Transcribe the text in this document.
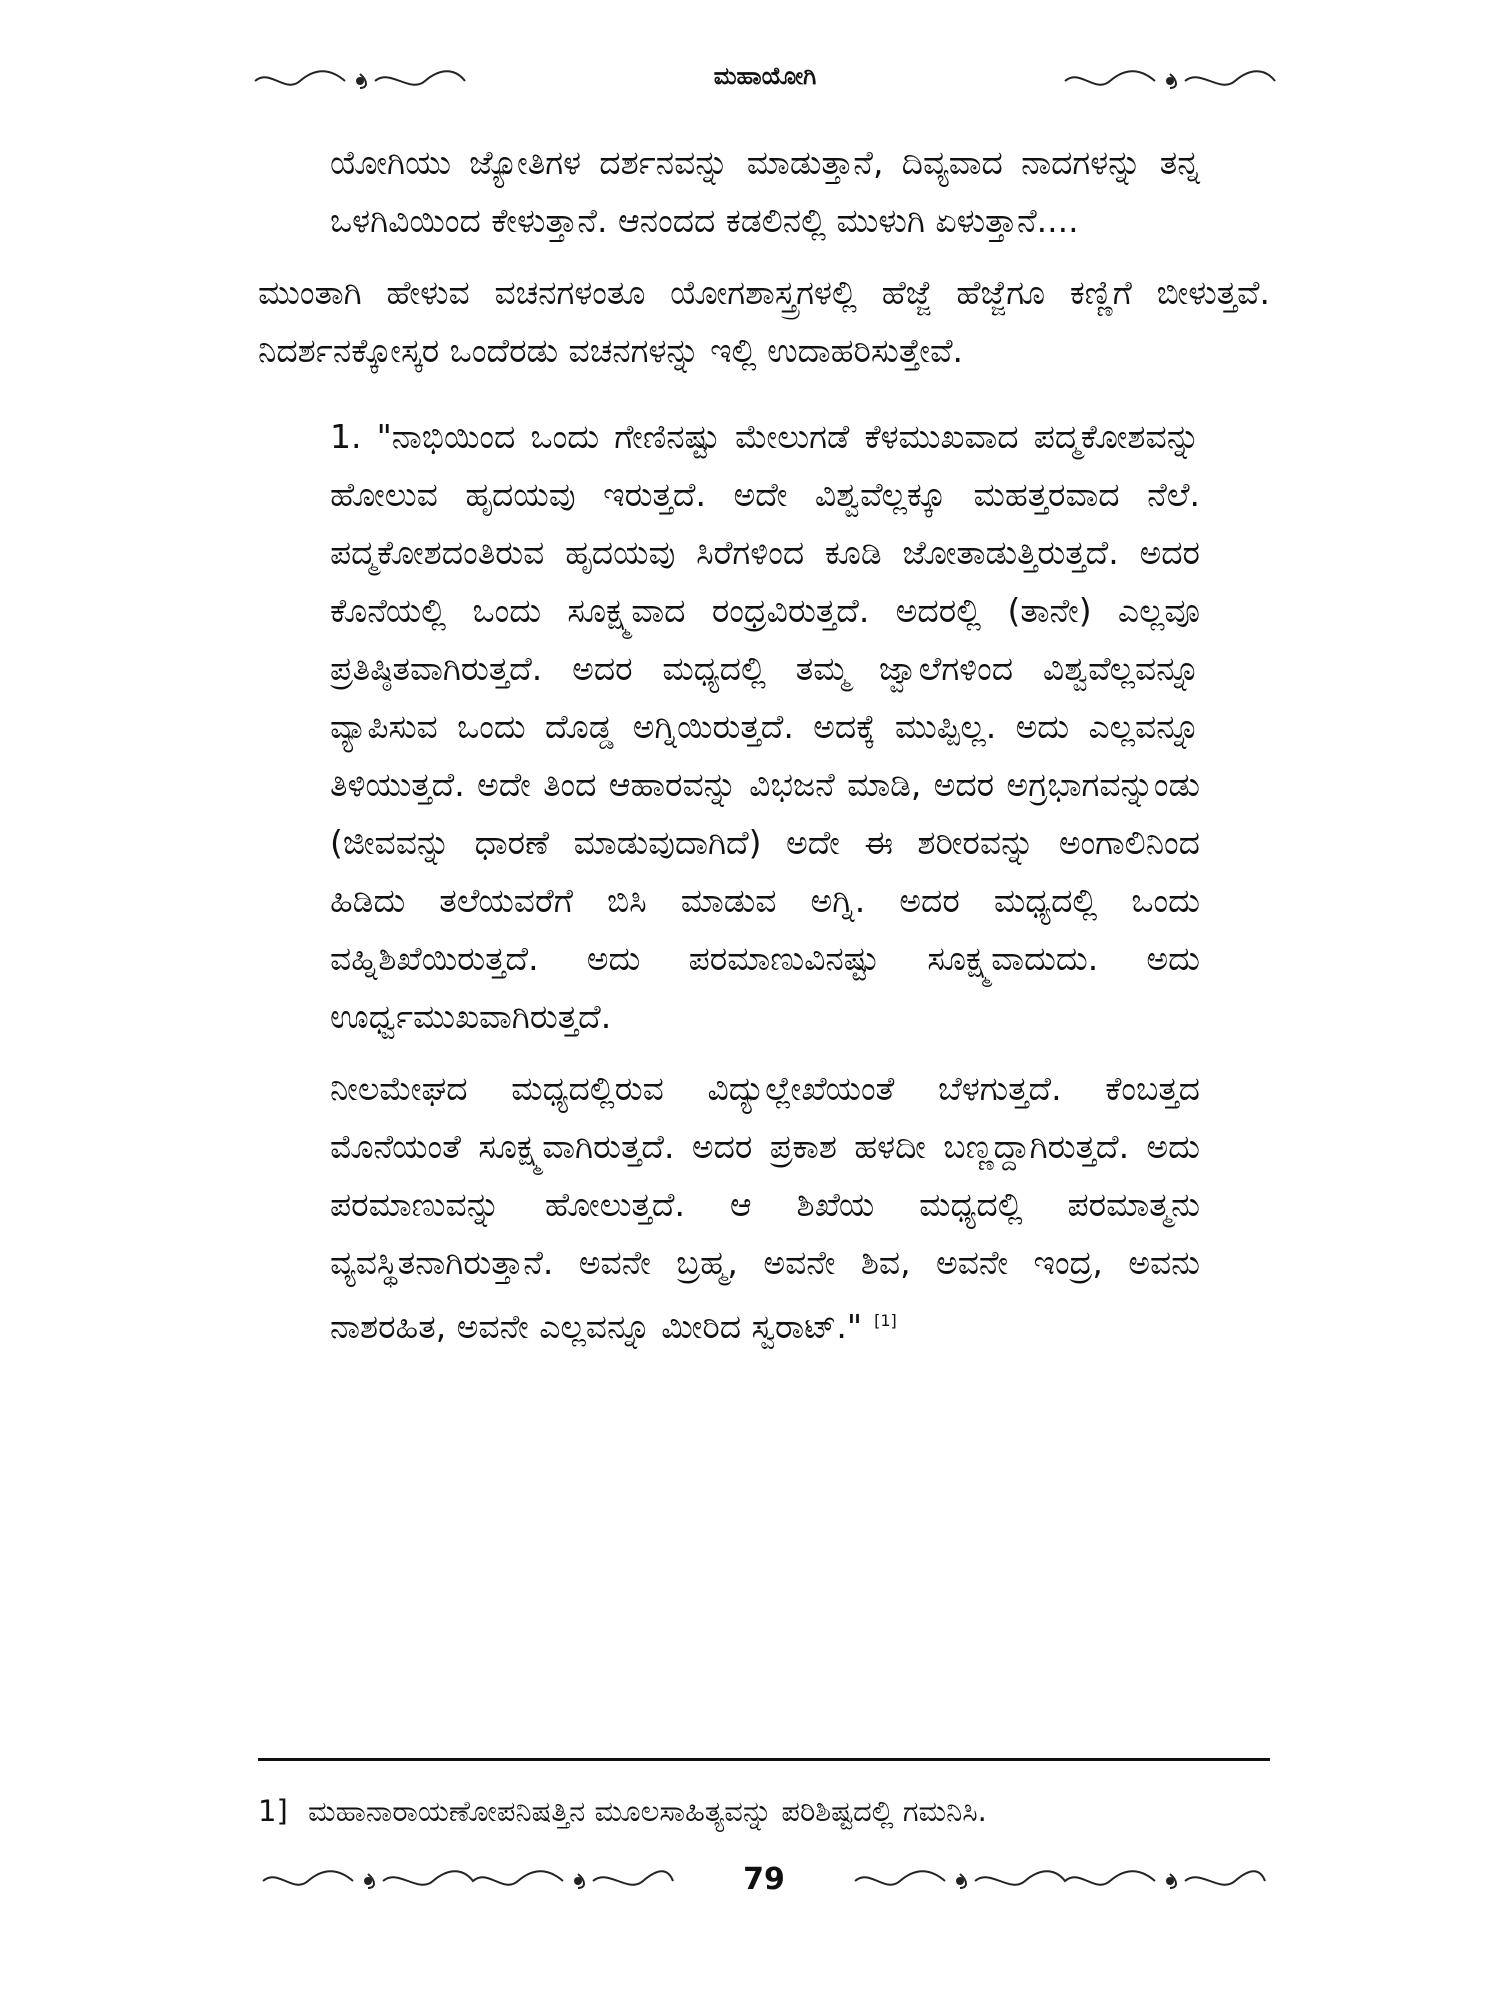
ಮಹಾಯೋಗಿ

ಯೋಗಿಯು ಜ್ಯೋತಿಗಳ ದರ್ಶನವನ್ನು ಮಾಡುತ್ತಾನೆ, ದಿವ್ಯವಾದ ನಾದಗಳನ್ನು ತನ್ನ ಒಳಗಿವಿಯಿಂದ ಕೇಳುತ್ತಾನೆ. ಆನಂದದ ಕಡಲಿನಲ್ಲಿ ಮುಳುಗಿ ಏಳುತ್ತಾನೆ....

ಮುಂತಾಗಿ ಹೇಳುವ ವಚನಗಳಂತೂ ಯೋಗಶಾಸ್ತ್ರಗಳಲ್ಲಿ ಹೆಜ್ಜೆ ಹೆಜ್ಜೆಗೂ ಕಣ್ಣಿಗೆ ಬೀಳುತ್ತವೆ. ನಿದರ್ಶನಕ್ಕೋಸ್ಕರ ಒಂದೆರಡು ವಚನಗಳನ್ನು ಇಲ್ಲಿ ಉದಾಹರಿಸುತ್ತೇವೆ.

1. "ನಾಭಿಯಿಂದ ಒಂದು ಗೇಣಿನಷ್ಟು ಮೇಲುಗಡೆ ಕೆಳಮುಖವಾದ ಪದ್ಮಕೋಶವನ್ನು ಹೋಲುವ ಹೃದಯವು ಇರುತ್ತದೆ. ಅದೇ ವಿಶ್ವವೆಲ್ಲಕ್ಕೂ ಮಹತ್ತರವಾದ ನೆಲೆ. ಪದ್ಮಕೋಶದಂತಿರುವ ಹೃದಯವು ಸಿರೆಗಳಿಂದ ಕೂಡಿ ಜೋತಾಡುತ್ತಿರುತ್ತದೆ. ಅದರ ಕೊನೆಯಲ್ಲಿ ಒಂದು ಸೂಕ್ಷ್ಮವಾದ ರಂಧ್ರವಿರುತ್ತದೆ. ಅದರಲ್ಲಿ (ತಾನೇ) ಎಲ್ಲವೂ ಪ್ರತಿಷ್ಠಿತವಾಗಿರುತ್ತದೆ. ಅದರ ಮಧ್ಯದಲ್ಲಿ ತಮ್ಮ ಜ್ವಾಲೆಗಳಿಂದ ವಿಶ್ವವೆಲ್ಲವನ್ನೂ ವ್ಯಾಪಿಸುವ ಒಂದು ದೊಡ್ಡ ಅಗ್ನಿಯಿರುತ್ತದೆ. ಅದಕ್ಕೆ ಮುಪ್ಪಿಲ್ಲ. ಅದು ಎಲ್ಲವನ್ನೂ ತಿಳಿಯುತ್ತದೆ. ಅದೇ ತಿಂದ ಆಹಾರವನ್ನು ವಿಭಜನೆ ಮಾಡಿ, ಅದರ ಅಗ್ರಭಾಗವನ್ನುಂಡು (ಜೀವವನ್ನು ಧಾರಣೆ ಮಾಡುವುದಾಗಿದೆ) ಅದೇ ಈ ಶರೀರವನ್ನು ಅಂಗಾಲಿನಿಂದ ಹಿಡಿದು ತಲೆಯವರೆಗೆ ಬಿಸಿ ಮಾಡುವ ಅಗ್ನಿ. ಅದರ ಮಧ್ಯದಲ್ಲಿ ಒಂದು ವಹ್ನಿಶಿಖೆಯಿರುತ್ತದೆ. ಅದು ಪರಮಾಣುವಿನಷ್ಟು ಸೂಕ್ಷ್ಮವಾದುದು. ಅದು ಊರ್ಧ್ವಮುಖವಾಗಿರುತ್ತದೆ.

ನೀಲಮೇಘದ ಮಧ್ಯದಲ್ಲಿರುವ ವಿದ್ಯುಲ್ಲೇಖೆಯಂತೆ ಬೆಳಗುತ್ತದೆ. ಕೆಂಬತ್ತದ ಮೊನೆಯಂತೆ ಸೂಕ್ಷ್ಮವಾಗಿರುತ್ತದೆ. ಅದರ ಪ್ರಕಾಶ ಹಳದೀ ಬಣ್ಣದ್ದಾಗಿರುತ್ತದೆ. ಅದು ಪರಮಾಣುವನ್ನು ಹೋಲುತ್ತದೆ. ಆ ಶಿಖೆಯ ಮಧ್ಯದಲ್ಲಿ ಪರಮಾತ್ಮನು ವ್ಯವಸ್ಥಿತನಾಗಿರುತ್ತಾನೆ. ಅವನೇ ಬ್ರಹ್ಮ, ಅವನೇ ಶಿವ, ಅವನೇ ಇಂದ್ರ, ಅವನು ನಾಶರಹಿತ, ಅವನೇ ಎಲ್ಲವನ್ನೂ ಮೀರಿದ ಸ್ವರಾಟ್." [1]

1] ಮಹಾನಾರಾಯಣೋಪನಿಷತ್ತಿನ ಮೂಲಸಾಹಿತ್ಯವನ್ನು ಪರಿಶಿಷ್ಟದಲ್ಲಿ ಗಮನಿಸಿ.
79
